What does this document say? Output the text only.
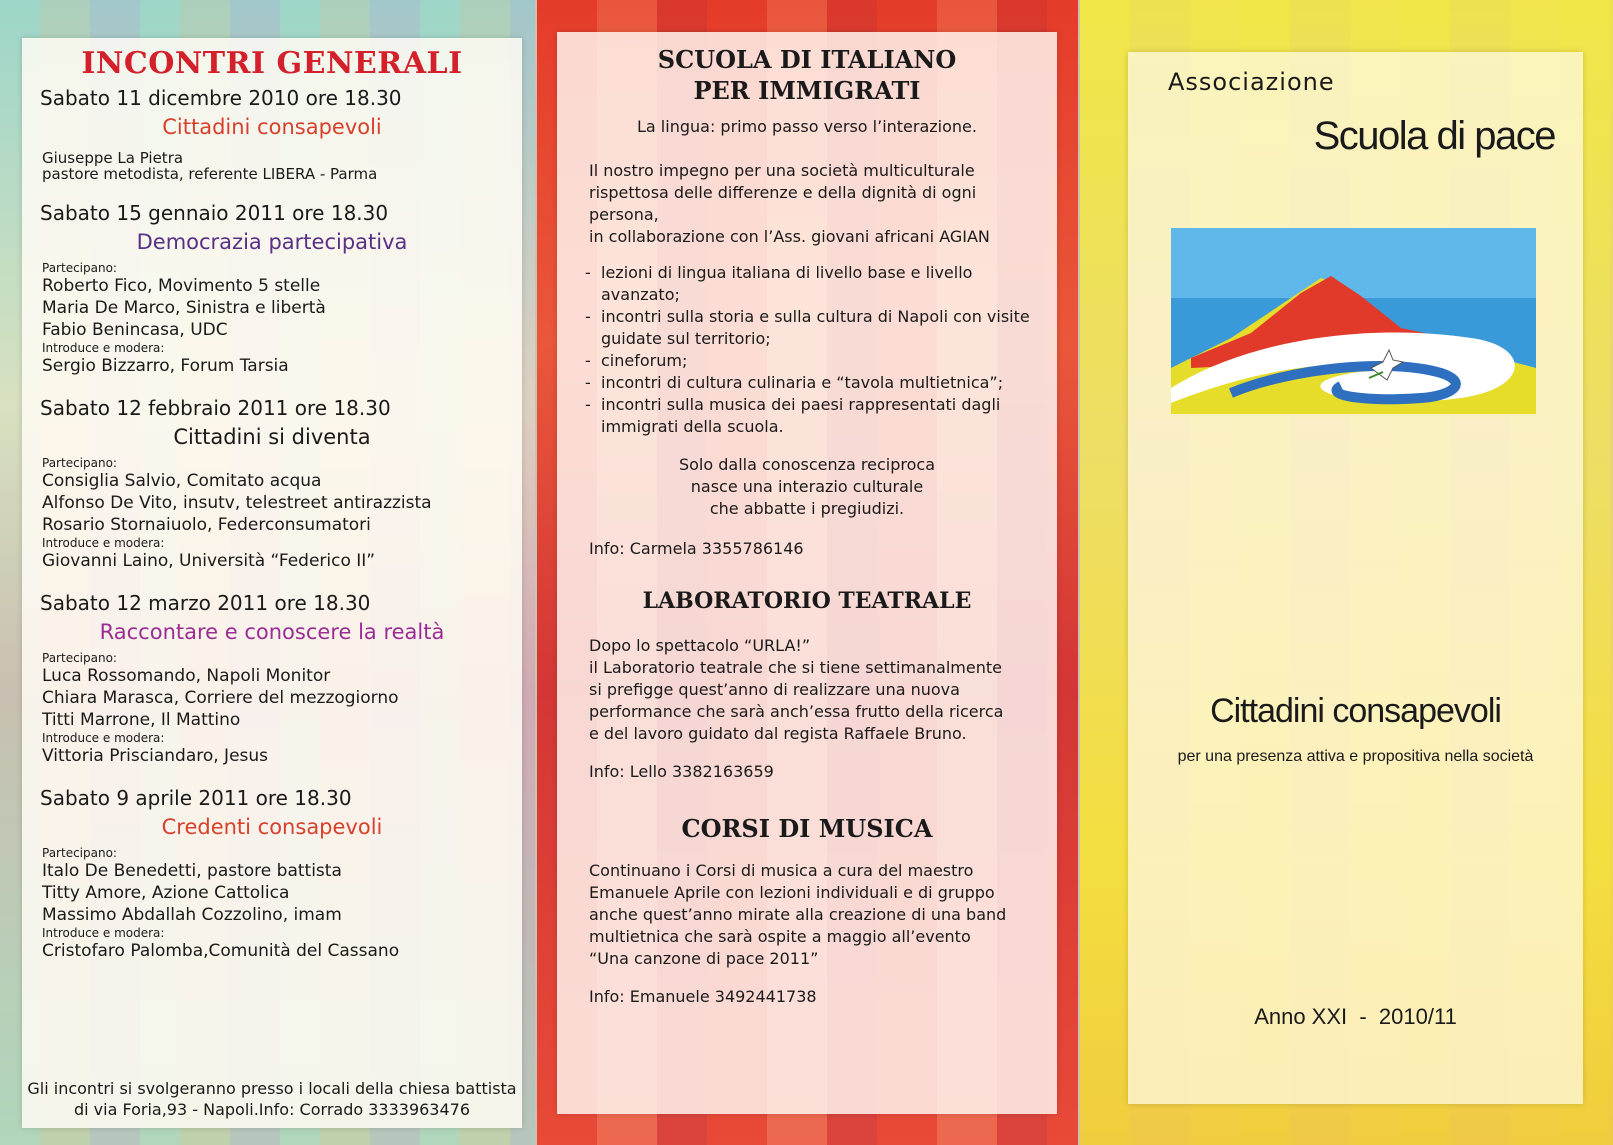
INCONTRI GENERALI

Sabato 11 dicembre 2010 ore 18.30

Cittadini consapevoli

Giuseppe La Pietra

pastore metodista, referente LIBERA - Parma

Sabato 15 gennaio 2011 ore 18.30

Democrazia partecipativa

Partecipano:

Roberto Fico, Movimento 5 stelle

Maria De Marco, Sinistra e libertà

Fabio Benincasa, UDC

Introduce e modera:

Sergio Bizzarro, Forum Tarsia

Sabato 12 febbraio 2011 ore 18.30

Cittadini si diventa

Partecipano:

Consiglia Salvio, Comitato acqua

Alfonso De Vito, insutv, telestreet antirazzista

Rosario Stornaiuolo, Federconsumatori

Introduce e modera:

Giovanni Laino, Università “Federico II”

Sabato 12 marzo 2011 ore 18.30

Raccontare e conoscere la realtà

Partecipano:

Luca Rossomando, Napoli Monitor

Chiara Marasca, Corriere del mezzogiorno

Titti Marrone, Il Mattino

Introduce e modera:

Vittoria Prisciandaro, Jesus

Sabato 9 aprile 2011 ore 18.30

Credenti consapevoli

Partecipano:

Italo De Benedetti, pastore battista

Titty Amore, Azione Cattolica

Massimo Abdallah Cozzolino, imam

Introduce e modera:

Cristofaro Palomba,Comunità del Cassano

Gli incontri si svolgeranno presso i locali della chiesa battista

di via Foria,93 - Napoli.Info: Corrado 3333963476

SCUOLA DI ITALIANO
PER IMMIGRATI

La lingua: primo passo verso l’interazione.

Il nostro impegno per una società multiculturale

rispettosa delle differenze e della dignità di ogni persona,

in collaborazione con l’Ass. giovani africani AGIAN

- lezioni di lingua italiana di livello base e livello avanzato;
- incontri sulla storia e sulla cultura di Napoli con visite guidate sul territorio;
- cineforum;
- incontri di cultura culinaria e “tavola multietnica”;
- incontri sulla musica dei paesi rappresentati dagli immigrati della scuola.

Solo dalla conoscenza reciproca

nasce una interazio culturale

che abbatte i pregiudizi.

Info: Carmela 3355786146

LABORATORIO TEATRALE

Dopo lo spettacolo “URLA!”

il Laboratorio teatrale che si tiene settimanalmente

si prefigge quest’anno di realizzare una nuova

performance che sarà anch’essa frutto della ricerca

e del lavoro guidato dal regista Raffaele Bruno.

Info: Lello 3382163659

CORSI DI MUSICA

Continuano i Corsi di musica a cura del maestro

Emanuele Aprile con lezioni individuali e di gruppo

anche quest’anno mirate alla creazione di una band

multietnica che sarà ospite a maggio all’evento

“Una canzone di pace 2011”

Info: Emanuele 3492441738

Associazione

Scuola di pace

Cittadini consapevoli

per una presenza attiva e propositiva nella società

Anno XXI  -  2010/11
